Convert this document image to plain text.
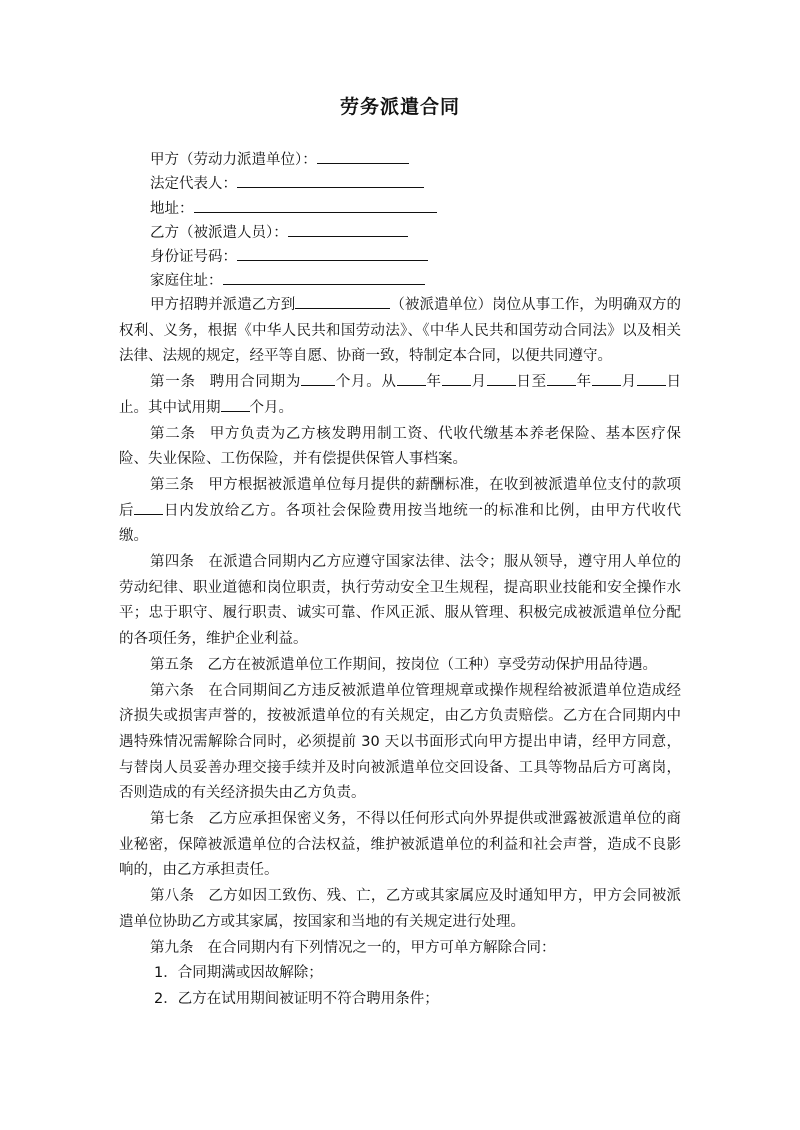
劳务派遣合同
甲方（劳动力派遣单位）：
法定代表人：
地址：
乙方（被派遣人员）：
身份证号码：
家庭住址：

甲方招聘并派遣乙方到	（被派遣单位）岗位从事工作，为明确双方的权利、义务，根据《中华人民共和国劳动法》、《中华人民共和国劳动合同法》以及相关法律、法规的规定，经平等自愿、协商一致，特制定本合同，以便共同遵守。

第一条 聘用合同期为 个月。从 年 月 日至 年 月 日止。其中试用期 个月。

第二条 甲方负责为乙方核发聘用制工资、代收代缴基本养老保险、基本医疗保险、失业保险、工伤保险，并有偿提供保管人事档案。

第三条 甲方根据被派遣单位每月提供的薪酬标准，在收到被派遣单位支付的款项后 日内发放给乙方。各项社会保险费用按当地统一的标准和比例，由甲方代收代缴。

第四条 在派遣合同期内乙方应遵守国家法律、法令；服从领导，遵守用人单位的劳动纪律、职业道德和岗位职责，执行劳动安全卫生规程，提高职业技能和安全操作水平；忠于职守、履行职责、诚实可靠、作风正派、服从管理、积极完成被派遣单位分配的各项任务，维护企业利益。

第五条 乙方在被派遣单位工作期间，按岗位（工种）享受劳动保护用品待遇。

第六条 在合同期间乙方违反被派遣单位管理规章或操作规程给被派遣单位造成经济损失或损害声誉的，按被派遣单位的有关规定，由乙方负责赔偿。乙方在合同期内中遇特殊情况需解除合同时，必须提前 30 天以书面形式向甲方提出申请，经甲方同意，与替岗人员妥善办理交接手续并及时向被派遣单位交回设备、工具等物品后方可离岗，否则造成的有关经济损失由乙方负责。

第七条 乙方应承担保密义务，不得以任何形式向外界提供或泄露被派遣单位的商业秘密，保障被派遣单位的合法权益，维护被派遣单位的利益和社会声誉，造成不良影响的，由乙方承担责任。

第八条 乙方如因工致伤、残、亡，乙方或其家属应及时通知甲方，甲方会同被派遣单位协助乙方或其家属，按国家和当地的有关规定进行处理。

第九条 在合同期内有下列情况之一的，甲方可单方解除合同：

1．合同期满或因故解除；

2．乙方在试用期间被证明不符合聘用条件；
